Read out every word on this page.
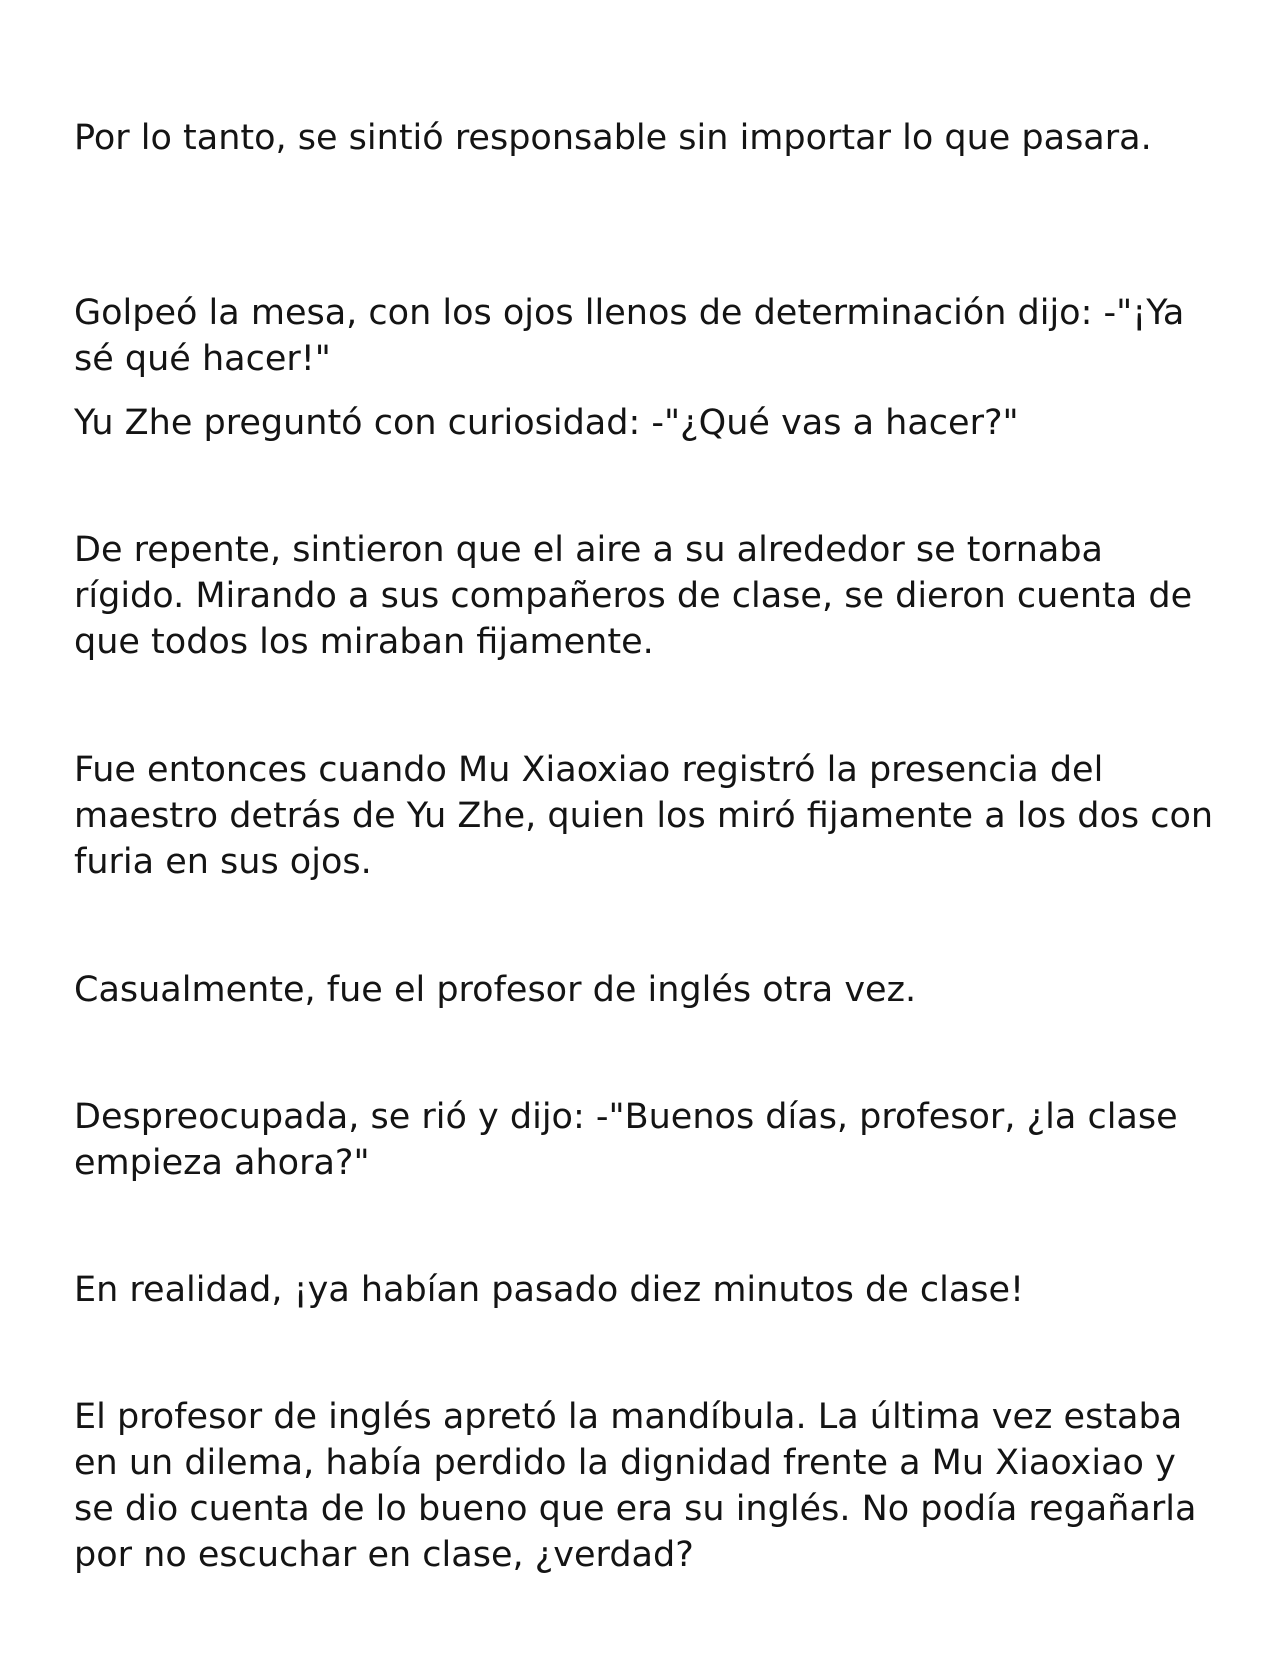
Por lo tanto, se sintió responsable sin importar lo que pasara.

Golpeó la mesa, con los ojos llenos de determinación dijo: -"¡Ya sé qué hacer!"

Yu Zhe preguntó con curiosidad: -"¿Qué vas a hacer?"

De repente, sintieron que el aire a su alrededor se tornaba rígido. Mirando a sus compañeros de clase, se dieron cuenta de que todos los miraban fijamente.

Fue entonces cuando Mu Xiaoxiao registró la presencia del maestro detrás de Yu Zhe, quien los miró fijamente a los dos con furia en sus ojos.

Casualmente, fue el profesor de inglés otra vez.

Despreocupada, se rió y dijo: -"Buenos días, profesor, ¿la clase empieza ahora?"

En realidad, ¡ya habían pasado diez minutos de clase!

El profesor de inglés apretó la mandíbula. La última vez estaba en un dilema, había perdido la dignidad frente a Mu Xiaoxiao y se dio cuenta de lo bueno que era su inglés. No podía regañarla por no escuchar en clase, ¿verdad?
